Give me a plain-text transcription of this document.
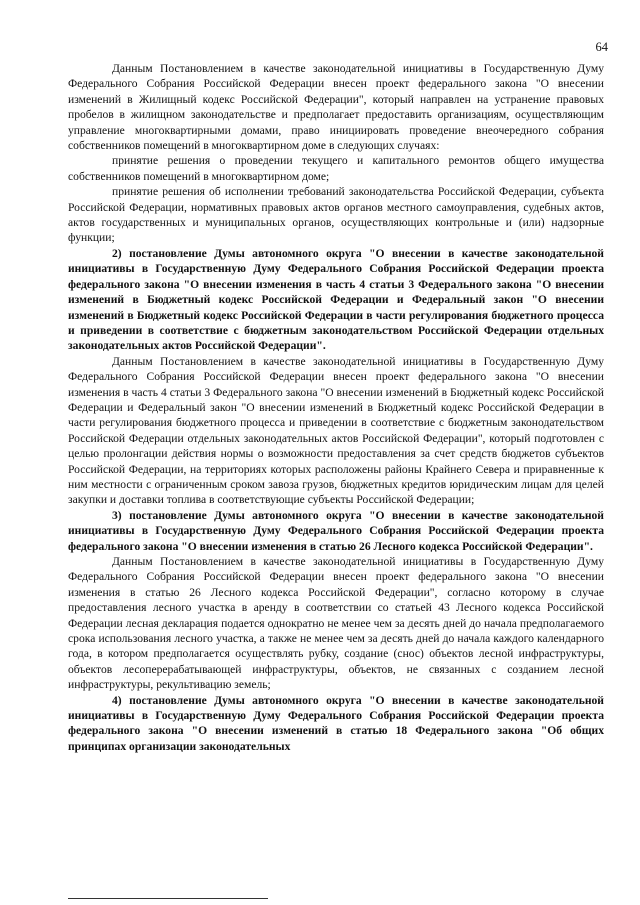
64

Данным Постановлением в качестве законодательной инициативы в Государственную Думу Федерального Собрания Российской Федерации внесен проект федерального закона "О внесении изменений в Жилищный кодекс Российской Федерации", который направлен на устранение правовых пробелов в жилищном законодательстве и предполагает предоставить организациям, осуществляющим управление многоквартирными домами, право инициировать проведение внеочередного собрания собственников помещений в многоквартирном доме в следующих случаях:

принятие решения о проведении текущего и капитального ремонтов общего имущества собственников помещений в многоквартирном доме;

принятие решения об исполнении требований законодательства Российской Федерации, субъекта Российской Федерации, нормативных правовых актов органов местного самоуправления, судебных актов, актов государственных и муниципальных органов, осуществляющих контрольные и (или) надзорные функции;

2) постановление Думы автономного округа "О внесении в качестве законодательной инициативы в Государственную Думу Федерального Собрания Российской Федерации проекта федерального закона "О внесении изменения в часть 4 статьи 3 Федерального закона "О внесении изменений в Бюджетный кодекс Российской Федерации и Федеральный закон "О внесении изменений в Бюджетный кодекс Российской Федерации в части регулирования бюджетного процесса и приведении в соответствие с бюджетным законодательством Российской Федерации отдельных законодательных актов Российской Федерации".

Данным Постановлением в качестве законодательной инициативы в Государственную Думу Федерального Собрания Российской Федерации внесен проект федерального закона "О внесении изменения в часть 4 статьи 3 Федерального закона "О внесении изменений в Бюджетный кодекс Российской Федерации и Федеральный закон "О внесении изменений в Бюджетный кодекс Российской Федерации в части регулирования бюджетного процесса и приведении в соответствие с бюджетным законодательством Российской Федерации отдельных законодательных актов Российской Федерации", который подготовлен с целью пролонгации действия нормы о возможности предоставления за счет средств бюджетов субъектов Российской Федерации, на территориях которых расположены районы Крайнего Севера и приравненные к ним местности с ограниченным сроком завоза грузов, бюджетных кредитов юридическим лицам для целей закупки и доставки топлива в соответствующие субъекты Российской Федерации;

3) постановление Думы автономного округа "О внесении в качестве законодательной инициативы в Государственную Думу Федерального Собрания Российской Федерации проекта федерального закона "О внесении изменения в статью 26 Лесного кодекса Российской Федерации".

Данным Постановлением в качестве законодательной инициативы в Государственную Думу Федерального Собрания Российской Федерации внесен проект федерального закона "О внесении изменения в статью 26 Лесного кодекса Российской Федерации", согласно которому в случае предоставления лесного участка в аренду в соответствии со статьей 43 Лесного кодекса Российской Федерации лесная декларация подается однократно не менее чем за десять дней до начала предполагаемого срока использования лесного участка, а также не менее чем за десять дней до начала каждого календарного года, в котором предполагается осуществлять рубку, создание (снос) объектов лесной инфраструктуры, объектов лесоперерабатывающей инфраструктуры, объектов, не связанных с созданием лесной инфраструктуры, рекультивацию земель;

4) постановление Думы автономного округа "О внесении в качестве законодательной инициативы в Государственную Думу Федерального Собрания Российской Федерации проекта федерального закона "О внесении изменений в статью 18 Федерального закона "Об общих принципах организации законодательных
